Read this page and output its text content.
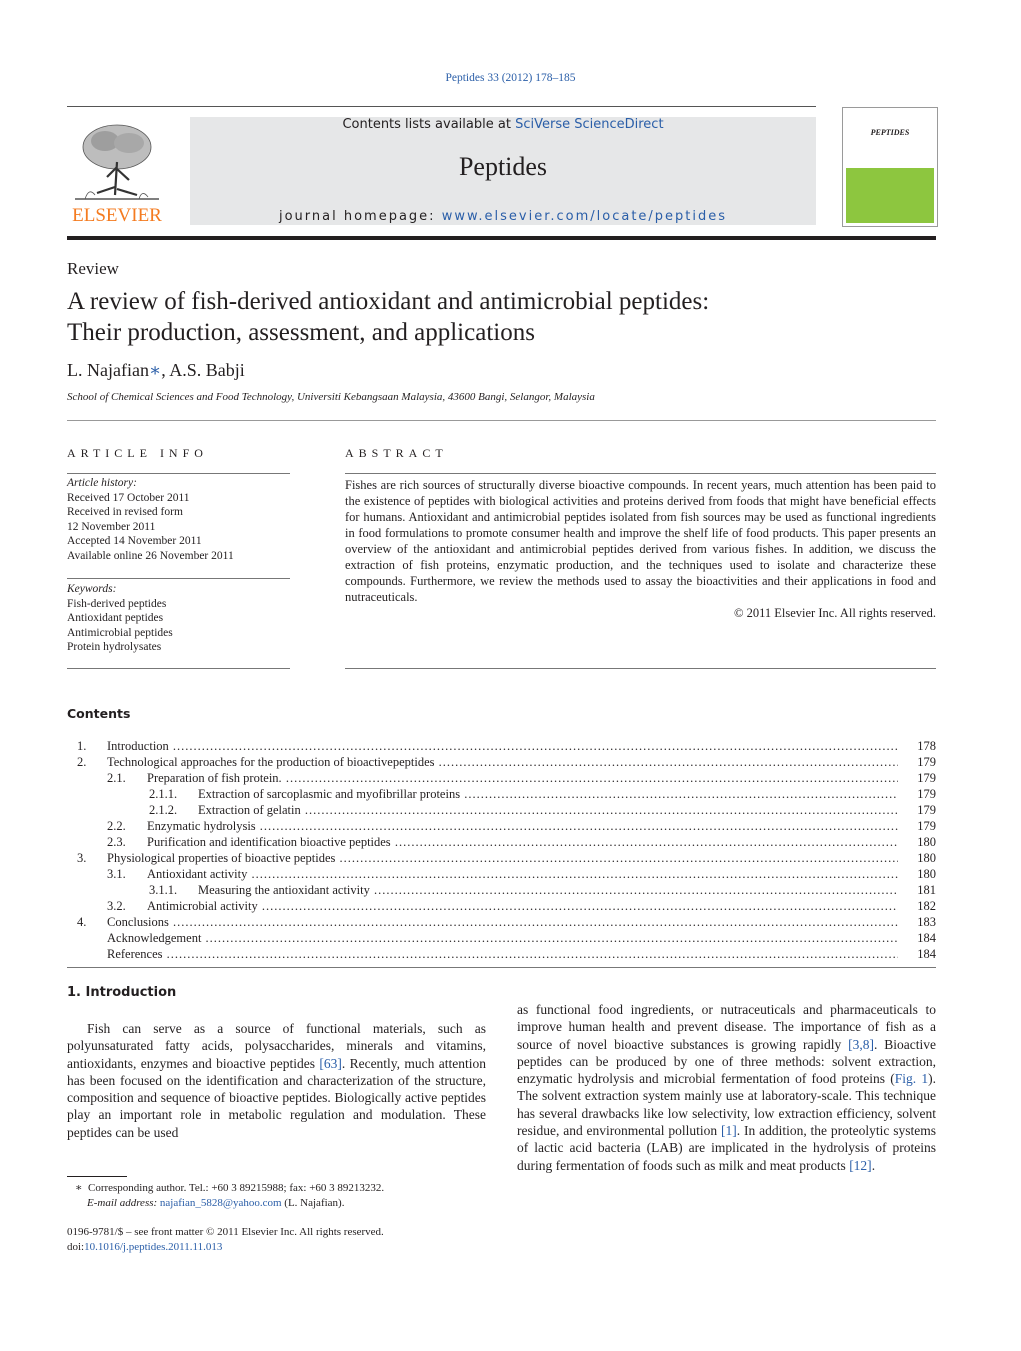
Peptides 33 (2012) 178–185
ELSEVIER
Contents lists available at SciVerse ScienceDirect
Peptides
journal homepage: www.elsevier.com/locate/peptides
PEPTIDES
Review
A review of fish-derived antioxidant and antimicrobial peptides:
Their production, assessment, and applications
L. Najafian∗, A.S. Babji
School of Chemical Sciences and Food Technology, Universiti Kebangsaan Malaysia, 43600 Bangi, Selangor, Malaysia
ARTICLE INFO	ABSTRACT
Article history:
Received 17 October 2011
Received in revised form
12 November 2011
Accepted 14 November 2011
Available online 26 November 2011
Keywords:
Fish-derived peptides
Antioxidant peptides
Antimicrobial peptides
Protein hydrolysates
Fishes are rich sources of structurally diverse bioactive compounds. In recent years, much attention has been paid to the existence of peptides with biological activities and proteins derived from foods that might have beneficial effects for humans. Antioxidant and antimicrobial peptides isolated from fish sources may be used as functional ingredients in food formulations to promote consumer health and improve the shelf life of food products. This paper presents an overview of the antioxidant and antimicrobial peptides derived from various fishes. In addition, we discuss the extraction of fish proteins, enzymatic production, and the techniques used to isolate and characterize these compounds. Furthermore, we review the methods used to assay the bioactivities and their applications in food and nutraceuticals.
© 2011 Elsevier Inc. All rights reserved.
Contents
1. Introduction .....	178
2. Technological approaches for the production of bioactivepeptides .....	179
2.1. Preparation of fish protein. .....	179
2.1.1. Extraction of sarcoplasmic and myofibrillar proteins .....	179
2.1.2. Extraction of gelatin .....	179
2.2. Enzymatic hydrolysis .....	179
2.3. Purification and identification bioactive peptides .....	180
3. Physiological properties of bioactive peptides .....	180
3.1. Antioxidant activity .....	180
3.1.1. Measuring the antioxidant activity .....	181
3.2. Antimicrobial activity .....	182
4. Conclusions .....	183
Acknowledgement .....	184
References .....	184
1. Introduction
Fish can serve as a source of functional materials, such as polyunsaturated fatty acids, polysaccharides, minerals and vitamins, antioxidants, enzymes and bioactive peptides [63]. Recently, much attention has been focused on the identification and characterization of the structure, composition and sequence of bioactive peptides. Biologically active peptides play an important role in metabolic regulation and modulation. These peptides can be used
as functional food ingredients, or nutraceuticals and pharmaceuticals to improve human health and prevent disease. The importance of fish as a source of novel bioactive substances is growing rapidly [3,8]. Bioactive peptides can be produced by one of three methods: solvent extraction, enzymatic hydrolysis and microbial fermentation of food proteins (Fig. 1). The solvent extraction system mainly use at laboratory-scale. This technique has several drawbacks like low selectivity, low extraction efficiency, solvent residue, and environmental pollution [1]. In addition, the proteolytic systems of lactic acid bacteria (LAB) are implicated in the hydrolysis of proteins during fermentation of foods such as milk and meat products [12].
∗ Corresponding author. Tel.: +60 3 89215988; fax: +60 3 89213232.
E-mail address: najafian_5828@yahoo.com (L. Najafian).
0196-9781/$ – see front matter © 2011 Elsevier Inc. All rights reserved.
doi:10.1016/j.peptides.2011.11.013
